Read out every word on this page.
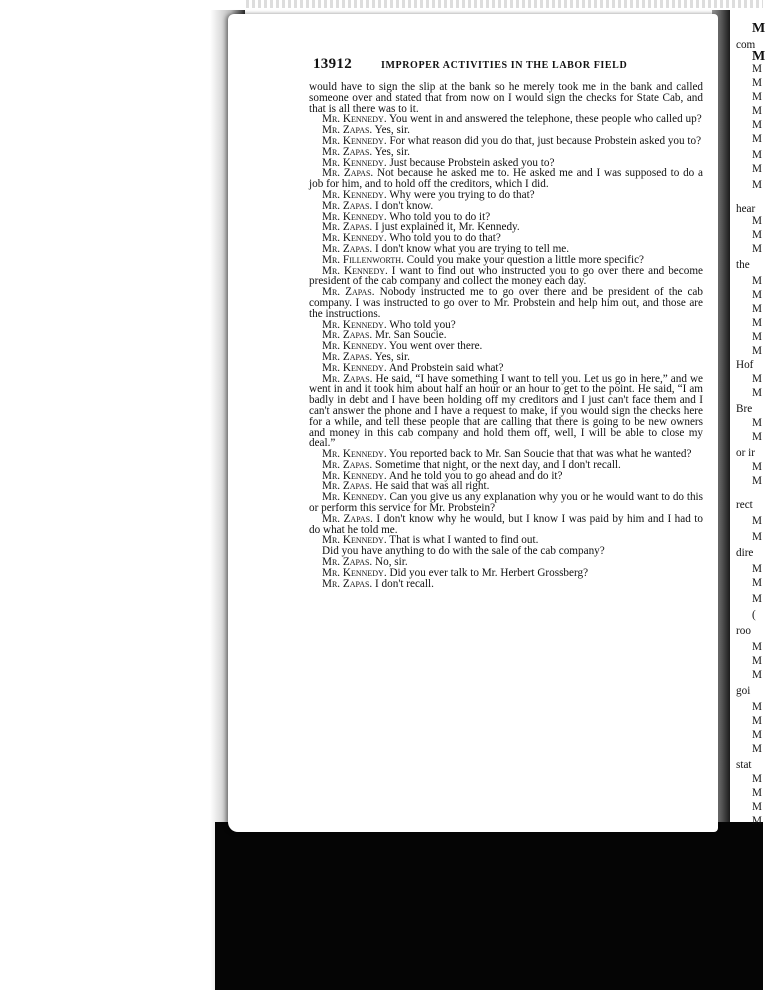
13912	IMPROPER ACTIVITIES IN THE LABOR FIELD

would have to sign the slip at the bank so he merely took me in the bank and called someone over and stated that from now on I would sign the checks for State Cab, and that is all there was to it.

Mr. Kennedy. You went in and answered the telephone, these people who called up?

Mr. Zapas. Yes, sir.

Mr. Kennedy. For what reason did you do that, just because Probstein asked you to?

Mr. Zapas. Yes, sir.

Mr. Kennedy. Just because Probstein asked you to?

Mr. Zapas. Not because he asked me to. He asked me and I was supposed to do a job for him, and to hold off the creditors, which I did.

Mr. Kennedy. Why were you trying to do that?

Mr. Zapas. I don't know.

Mr. Kennedy. Who told you to do it?

Mr. Zapas. I just explained it, Mr. Kennedy.

Mr. Kennedy. Who told you to do that?

Mr. Zapas. I don't know what you are trying to tell me.

Mr. Fillenworth. Could you make your question a little more specific?

Mr. Kennedy. I want to find out who instructed you to go over there and become president of the cab company and collect the money each day.

Mr. Zapas. Nobody instructed me to go over there and be president of the cab company. I was instructed to go over to Mr. Probstein and help him out, and those are the instructions.

Mr. Kennedy. Who told you?

Mr. Zapas. Mr. San Soucie.

Mr. Kennedy. You went over there.

Mr. Zapas. Yes, sir.

Mr. Kennedy. And Probstein said what?

Mr. Zapas. He said, “I have something I want to tell you. Let us go in here,” and we went in and it took him about half an hour or an hour to get to the point. He said, “I am badly in debt and I have been holding off my creditors and I just can't face them and I can't answer the phone and I have a request to make, if you would sign the checks here for a while, and tell these people that are calling that there is going to be new owners and money in this cab company and hold them off, well, I will be able to close my deal.”

Mr. Kennedy. You reported back to Mr. San Soucie that that was what he wanted?

Mr. Zapas. Sometime that night, or the next day, and I don't recall.

Mr. Kennedy. And he told you to go ahead and do it?

Mr. Zapas. He said that was all right.

Mr. Kennedy. Can you give us any explanation why you or he would want to do this or perform this service for Mr. Probstein?

Mr. Zapas. I don't know why he would, but I know I was paid by him and I had to do what he told me.

Mr. Kennedy. That is what I wanted to find out.

Did you have anything to do with the sale of the cab company?

Mr. Zapas. No, sir.

Mr. Kennedy. Did you ever talk to Mr. Herbert Grossberg?

Mr. Zapas. I don't recall.

M
com
M
M
M
M
M
M
M
M
M
M
hear
M
M
M
the
M
M
M
M
M
M
Hof
M
M
Bre
M
M
or ir
M
M
rect
M
M
dire
M
M
M
(
roo
M
M
M
goi
M
M
M
M
stat
M
M
M
M
